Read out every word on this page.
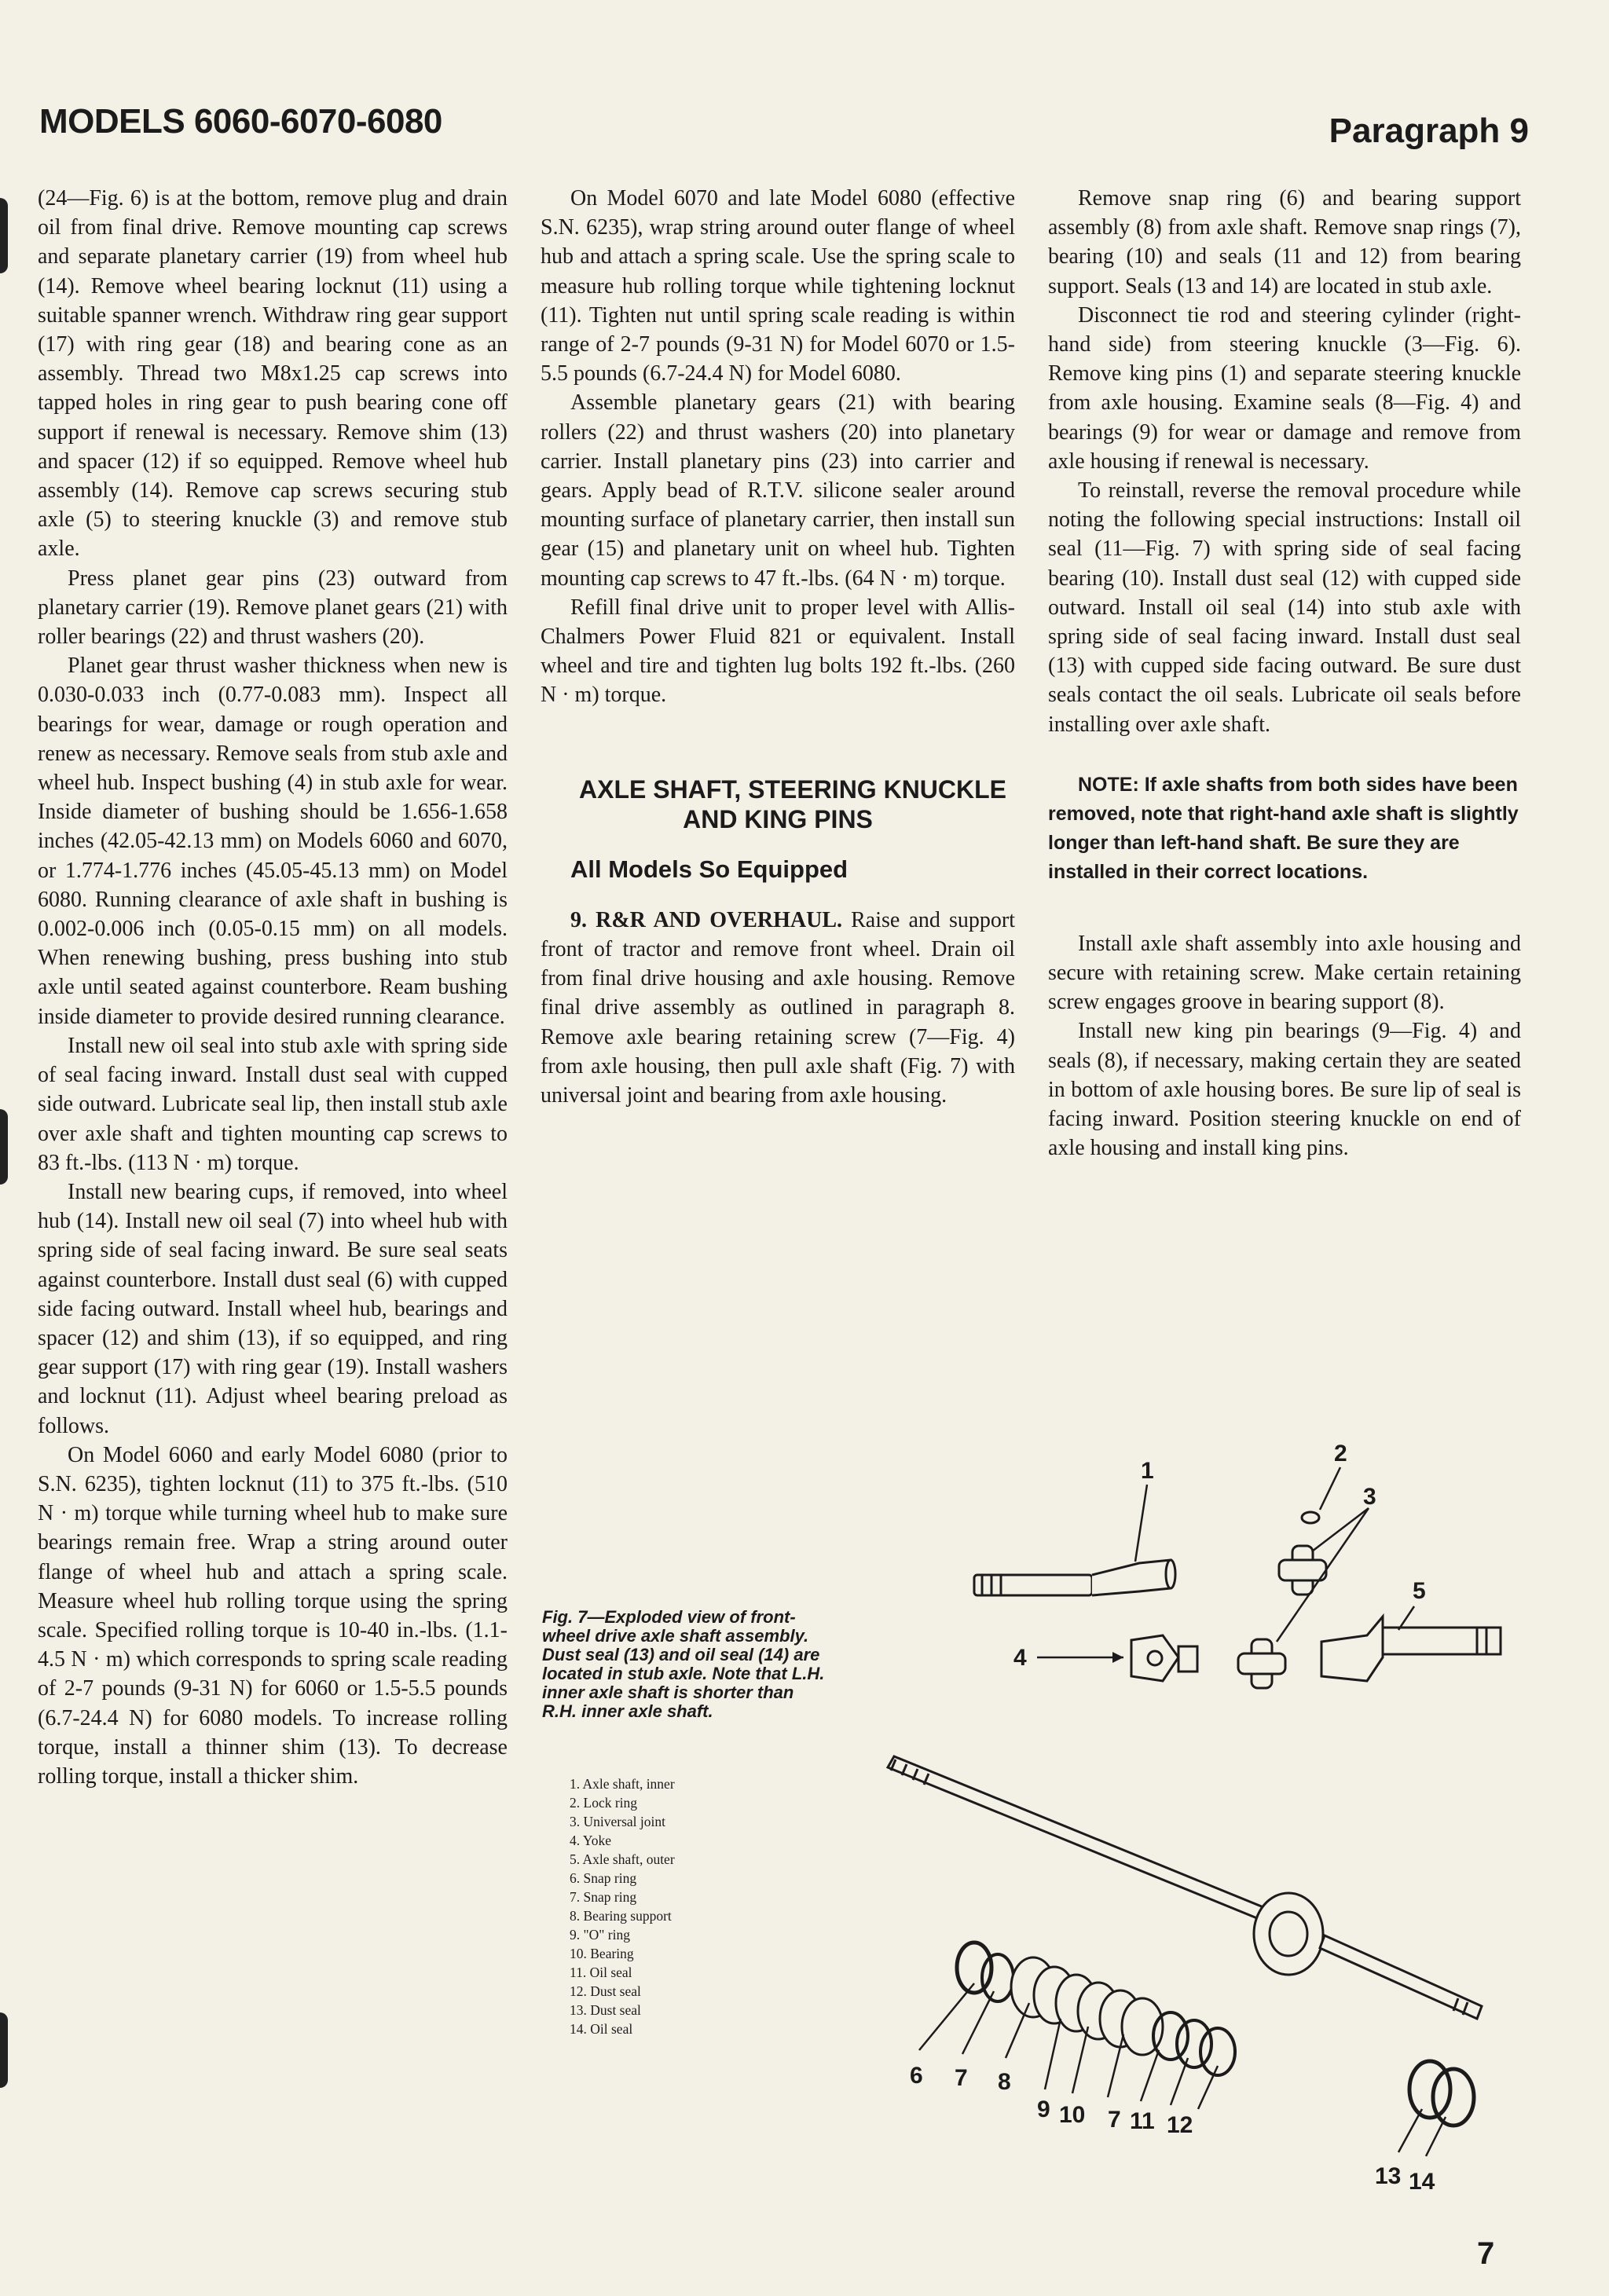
MODELS 6060-6070-6080	Paragraph 9

(24—Fig. 6) is at the bottom, remove plug and drain oil from final drive. Remove mounting cap screws and separate planetary carrier (19) from wheel hub (14). Remove wheel bearing locknut (11) using a suitable spanner wrench. Withdraw ring gear support (17) with ring gear (18) and bearing cone as an assembly. Thread two M8x1.25 cap screws into tapped holes in ring gear to push bearing cone off support if renewal is necessary. Remove shim (13) and spacer (12) if so equipped. Remove wheel hub assembly (14). Remove cap screws securing stub axle (5) to steering knuckle (3) and remove stub axle.

Press planet gear pins (23) outward from planetary carrier (19). Remove planet gears (21) with roller bearings (22) and thrust washers (20).

Planet gear thrust washer thickness when new is 0.030-0.033 inch (0.77-0.083 mm). Inspect all bearings for wear, damage or rough operation and renew as necessary. Remove seals from stub axle and wheel hub. Inspect bushing (4) in stub axle for wear. Inside diameter of bushing should be 1.656-1.658 inches (42.05-42.13 mm) on Models 6060 and 6070, or 1.774-1.776 inches (45.05-45.13 mm) on Model 6080. Running clearance of axle shaft in bushing is 0.002-0.006 inch (0.05-0.15 mm) on all models. When renewing bushing, press bushing into stub axle until seated against counterbore. Ream bushing inside diameter to provide desired running clearance.

Install new oil seal into stub axle with spring side of seal facing inward. Install dust seal with cupped side outward. Lubricate seal lip, then install stub axle over axle shaft and tighten mounting cap screws to 83 ft.-lbs. (113 N · m) torque.

Install new bearing cups, if removed, into wheel hub (14). Install new oil seal (7) into wheel hub with spring side of seal facing inward. Be sure seal seats against counterbore. Install dust seal (6) with cupped side facing outward. Install wheel hub, bearings and spacer (12) and shim (13), if so equipped, and ring gear support (17) with ring gear (19). Install washers and locknut (11). Adjust wheel bearing preload as follows.

On Model 6060 and early Model 6080 (prior to S.N. 6235), tighten locknut (11) to 375 ft.-lbs. (510 N · m) torque while turning wheel hub to make sure bearings remain free. Wrap a string around outer flange of wheel hub and attach a spring scale. Measure wheel hub rolling torque using the spring scale. Specified rolling torque is 10-40 in.-lbs. (1.1-4.5 N · m) which corresponds to spring scale reading of 2-7 pounds (9-31 N) for 6060 or 1.5-5.5 pounds (6.7-24.4 N) for 6080 models. To increase rolling torque, install a thinner shim (13). To decrease rolling torque, install a thicker shim.

On Model 6070 and late Model 6080 (effective S.N. 6235), wrap string around outer flange of wheel hub and attach a spring scale. Use the spring scale to measure hub rolling torque while tightening locknut (11). Tighten nut until spring scale reading is within range of 2-7 pounds (9-31 N) for Model 6070 or 1.5-5.5 pounds (6.7-24.4 N) for Model 6080.

Assemble planetary gears (21) with bearing rollers (22) and thrust washers (20) into planetary carrier. Install planetary pins (23) into carrier and gears. Apply bead of R.T.V. silicone sealer around mounting surface of planetary carrier, then install sun gear (15) and planetary unit on wheel hub. Tighten mounting cap screws to 47 ft.-lbs. (64 N · m) torque.

Refill final drive unit to proper level with Allis-Chalmers Power Fluid 821 or equivalent. Install wheel and tire and tighten lug bolts 192 ft.-lbs. (260 N · m) torque.

AXLE SHAFT, STEERING KNUCKLE AND KING PINS

All Models So Equipped

9. R&R AND OVERHAUL. Raise and support front of tractor and remove front wheel. Drain oil from final drive housing and axle housing. Remove final drive assembly as outlined in paragraph 8. Remove axle bearing retaining screw (7—Fig. 4) from axle housing, then pull axle shaft (Fig. 7) with universal joint and bearing from axle housing.

Remove snap ring (6) and bearing support assembly (8) from axle shaft. Remove snap rings (7), bearing (10) and seals (11 and 12) from bearing support. Seals (13 and 14) are located in stub axle.

Disconnect tie rod and steering cylinder (right-hand side) from steering knuckle (3—Fig. 6). Remove king pins (1) and separate steering knuckle from axle housing. Examine seals (8—Fig. 4) and bearings (9) for wear or damage and remove from axle housing if renewal is necessary.

To reinstall, reverse the removal procedure while noting the following special instructions: Install oil seal (11—Fig. 7) with spring side of seal facing bearing (10). Install dust seal (12) with cupped side outward. Install oil seal (14) into stub axle with spring side of seal facing inward. Install dust seal (13) with cupped side facing outward. Be sure dust seals contact the oil seals. Lubricate oil seals before installing over axle shaft.

NOTE: If axle shafts from both sides have been removed, note that right-hand axle shaft is slightly longer than left-hand shaft. Be sure they are installed in their correct locations.

Install axle shaft assembly into axle housing and secure with retaining screw. Make certain retaining screw engages groove in bearing support (8).

Install new king pin bearings (9—Fig. 4) and seals (8), if necessary, making certain they are seated in bottom of axle housing bores. Be sure lip of seal is facing inward. Position steering knuckle on end of axle housing and install king pins.

Fig. 7—Exploded view of front-wheel drive axle shaft assembly. Dust seal (13) and oil seal (14) are located in stub axle. Note that L.H. inner axle shaft is shorter than R.H. inner axle shaft.
1. Axle shaft, inner
2. Lock ring
3. Universal joint
4. Yoke
5. Axle shaft, outer
6. Snap ring
7. Snap ring
8. Bearing support
9. "O" ring
10. Bearing
11. Oil seal
12. Dust seal
13. Dust seal
14. Oil seal
1
2
3
4
5
6 7 8
9 10 7 11 12
13 14
7
